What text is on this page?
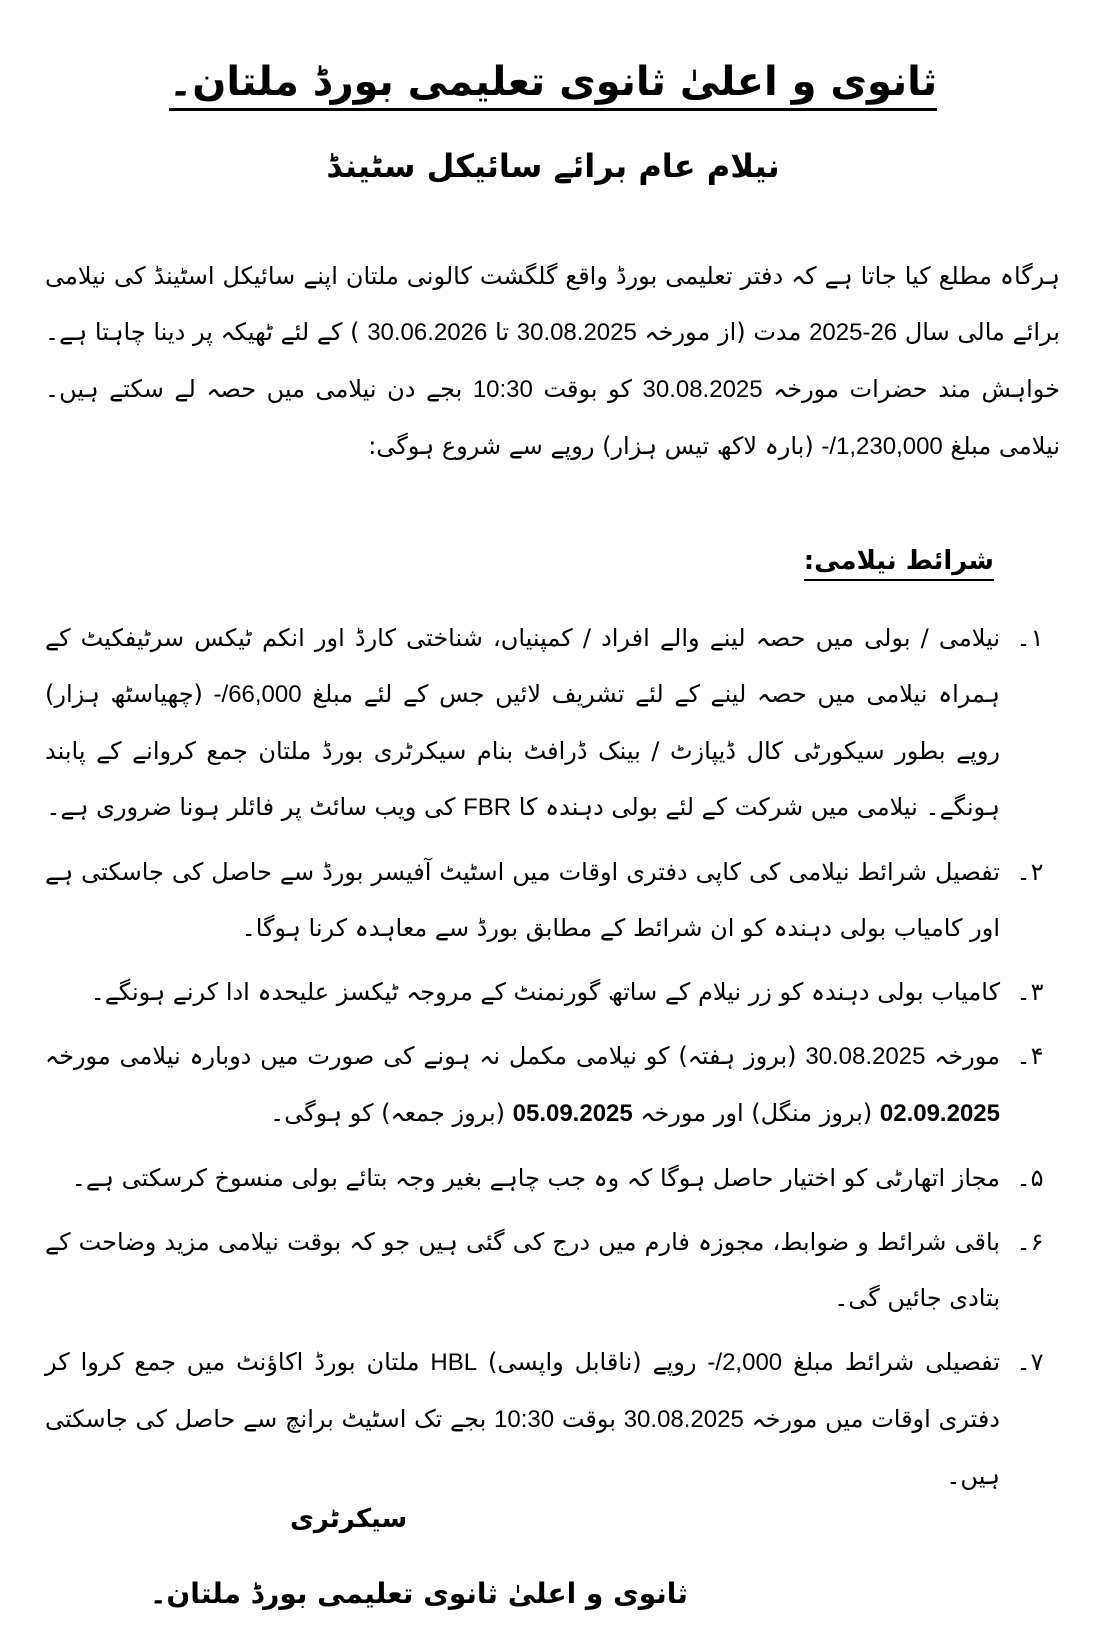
ثانوی و اعلیٰ ثانوی تعلیمی بورڈ ملتان۔
نیلام عام برائے سائیکل سٹینڈ
ہرگاہ مطلع کیا جاتا ہے کہ دفتر تعلیمی بورڈ واقع گلگشت کالونی ملتان اپنے سائیکل اسٹینڈ کی نیلامی برائے مالی سال 2025-26 مدت (از مورخہ 30.08.2025 تا 30.06.2026 ) کے لئے ٹھیکہ پر دینا چاہتا ہے۔ خواہش مند حضرات مورخہ 30.08.2025 کو بوقت 10:30 بجے دن نیلامی میں حصہ لے سکتے ہیں۔ نیلامی مبلغ -/1,230,000 (بارہ لاکھ تیس ہزار) روپے سے شروع ہوگی:
شرائط نیلامی:
۱۔
نیلامی / بولی میں حصہ لینے والے افراد / کمپنیاں، شناختی کارڈ اور انکم ٹیکس سرٹیفکیٹ کے ہمراہ نیلامی میں حصہ لینے کے لئے تشریف لائیں جس کے لئے مبلغ -/66,000 (چھیاسٹھ ہزار) روپے بطور سیکورٹی کال ڈیپازٹ / بینک ڈرافٹ بنام سیکرٹری بورڈ ملتان جمع کروانے کے پابند ہونگے۔ نیلامی میں شرکت کے لئے بولی دہندہ کا FBR کی ویب سائٹ پر فائلر ہونا ضروری ہے۔
۲۔
تفصیل شرائط نیلامی کی کاپی دفتری اوقات میں اسٹیٹ آفیسر بورڈ سے حاصل کی جاسکتی ہے اور کامیاب بولی دہندہ کو ان شرائط کے مطابق بورڈ سے معاہدہ کرنا ہوگا۔
۳۔
کامیاب بولی دہندہ کو زر نیلام کے ساتھ گورنمنٹ کے مروجہ ٹیکسز علیحدہ ادا کرنے ہونگے۔
۴۔
مورخہ 30.08.2025 (بروز ہفتہ) کو نیلامی مکمل نہ ہونے کی صورت میں دوبارہ نیلامی مورخہ 02.09.2025 (بروز منگل) اور مورخہ 05.09.2025 (بروز جمعہ) کو ہوگی۔
۵۔
مجاز اتھارٹی کو اختیار حاصل ہوگا کہ وہ جب چاہے بغیر وجہ بتائے بولی منسوخ کرسکتی ہے۔
۶۔
باقی شرائط و ضوابط، مجوزہ فارم میں درج کی گئی ہیں جو کہ بوقت نیلامی مزید وضاحت کے بتادی جائیں گی۔
۷۔
تفصیلی شرائط مبلغ -/2,000 روپے (ناقابل واپسی) HBL ملتان بورڈ اکاؤنٹ میں جمع کروا کر دفتری اوقات میں مورخہ 30.08.2025 بوقت 10:30 بجے تک اسٹیٹ برانچ سے حاصل کی جاسکتی ہیں۔
سیکرٹری
ثانوی و اعلیٰ ثانوی تعلیمی بورڈ ملتان۔
